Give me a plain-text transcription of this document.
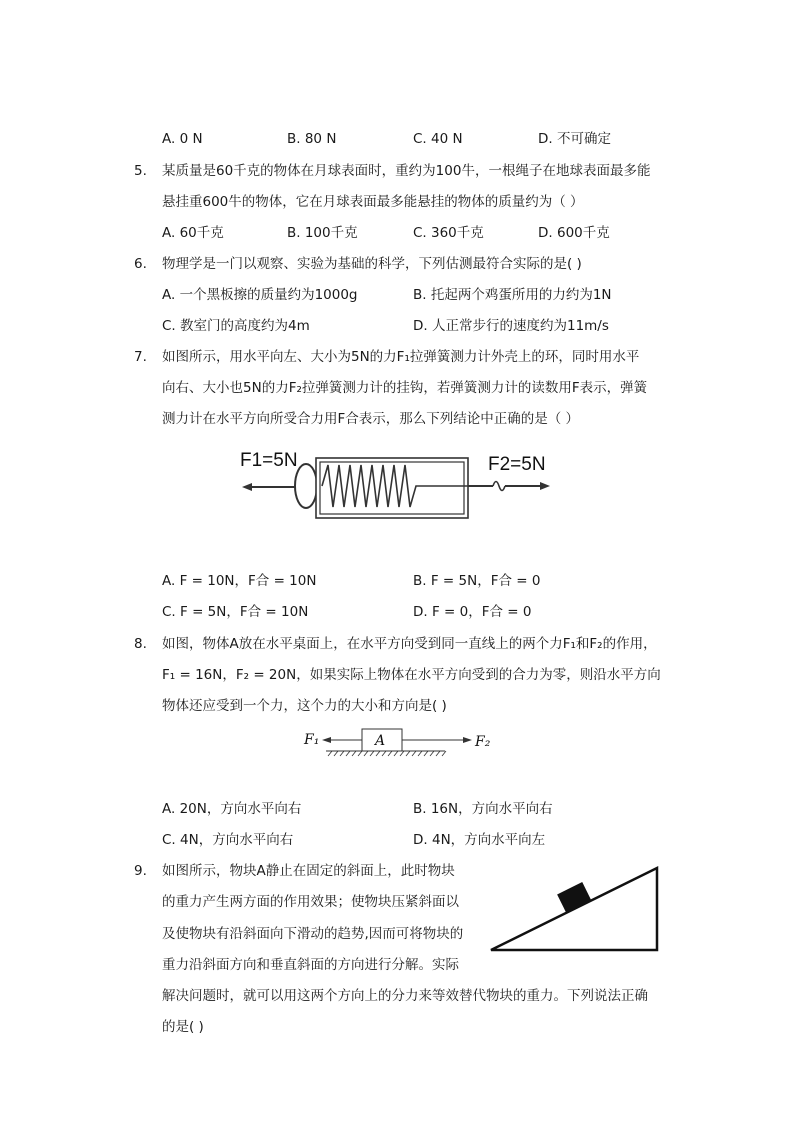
A. 0 N	B. 80 N	C. 40 N	D. 不可确定
5. 某质量是60千克的物体在月球表面时，重约为100牛，一根绳子在地球表面最多能
悬挂重600牛的物体，它在月球表面最多能悬挂的物体的质量约为（ ）
A. 60千克	B. 100千克	C. 360千克	D. 600千克
6. 物理学是一门以观察、实验为基础的科学，下列估测最符合实际的是( )
A. 一个黑板擦的质量约为1000g	B. 托起两个鸡蛋所用的力约为1N
C. 教室门的高度约为4m	D. 人正常步行的速度约为11m/s
7. 如图所示，用水平向左、大小为5N的力F₁拉弹簧测力计外壳上的环，同时用水平
向右、大小也5N的力F₂拉弹簧测力计的挂钩，若弹簧测力计的读数用F表示，弹簧
测力计在水平方向所受合力用F合表示，那么下列结论中正确的是（ ）
F1=5N	F2=5N
A. F = 10N，F合 = 10N	B. F = 5N，F合 = 0
C. F = 5N，F合 = 10N	D. F = 0，F合 = 0
8. 如图，物体A放在水平桌面上，在水平方向受到同一直线上的两个力F₁和F₂的作用，
F₁ = 16N，F₂ = 20N，如果实际上物体在水平方向受到的合力为零，则沿水平方向
物体还应受到一个力，这个力的大小和方向是( )
F₁	A	F₂
A. 20N，方向水平向右	B. 16N，方向水平向右
C. 4N，方向水平向右	D. 4N，方向水平向左
9. 如图所示，物块A静止在固定的斜面上，此时物块
的重力产生两方面的作用效果；使物块压紧斜面以
及使物块有沿斜面向下滑动的趋势,因而可将物块的
重力沿斜面方向和垂直斜面的方向进行分解。实际
解决问题时，就可以用这两个方向上的分力来等效替代物块的重力。下列说法正确
的是( )
